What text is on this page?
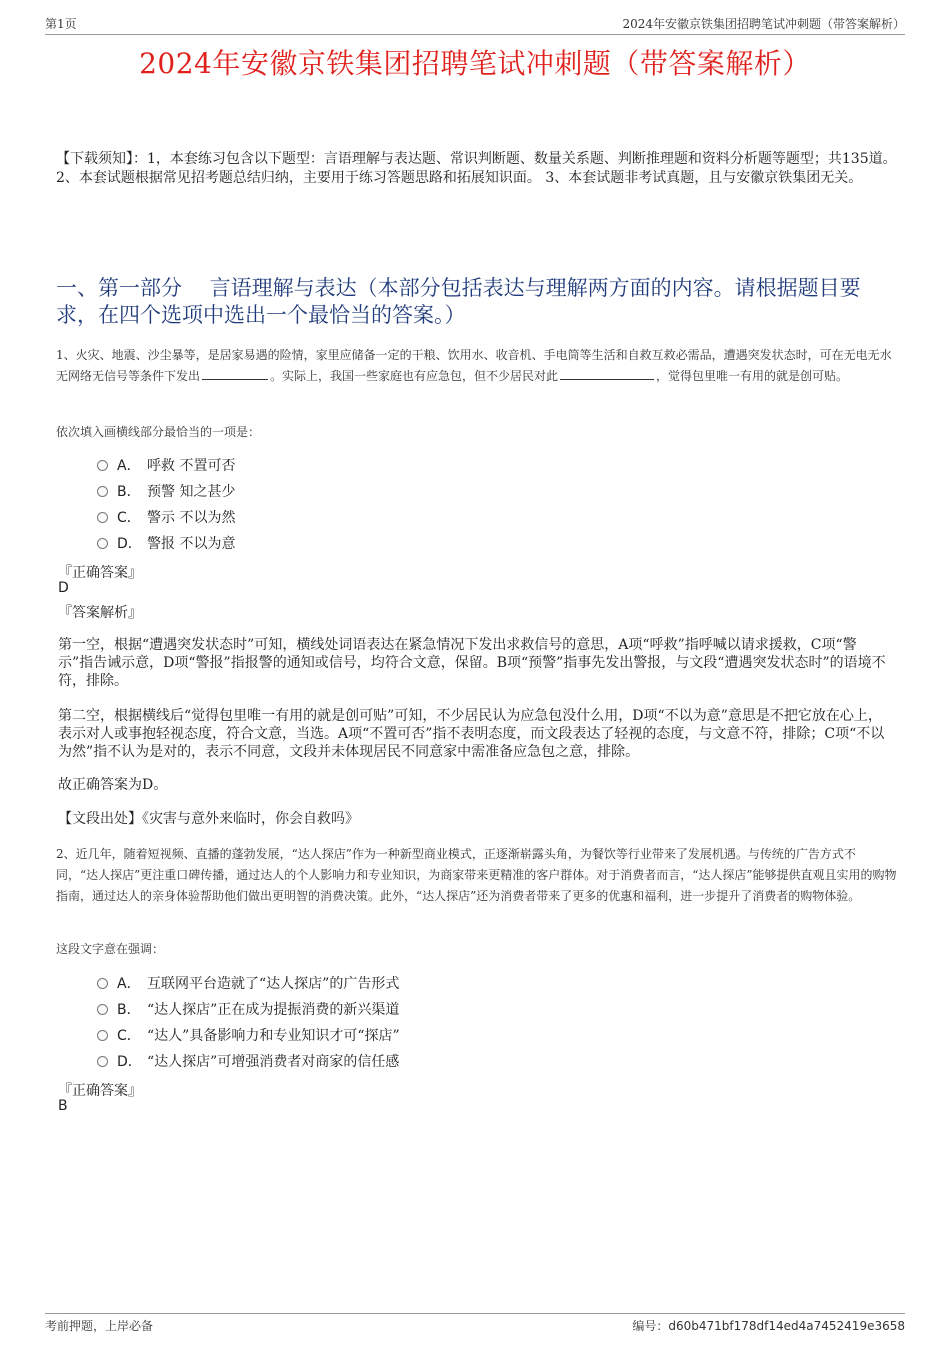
第1页	2024年安徽京铁集团招聘笔试冲刺题（带答案解析）
2024年安徽京铁集团招聘笔试冲刺题（带答案解析）
【下载须知】：1，本套练习包含以下题型：言语理解与表达题、常识判断题、数量关系题、判断推理题和资料分析题等题型；共135道。 2、本套试题根据常见招考题总结归纳，主要用于练习答题思路和拓展知识面。 3、本套试题非考试真题，且与安徽京铁集团无关。
一、第一部分　 言语理解与表达（本部分包括表达与理解两方面的内容。请根据题目要求，在四个选项中选出一个最恰当的答案。）
1、火灾、地震、沙尘暴等，是居家易遇的险情，家里应储备一定的干粮、饮用水、收音机、手电筒等生活和自救互救必需品，遭遇突发状态时，可在无电无水无网络无信号等条件下发出	。实际上，我国一些家庭也有应急包，但不少居民对此	，觉得包里唯一有用的就是创可贴。
依次填入画横线部分最恰当的一项是：
A． 呼救 不置可否
B． 预警 知之甚少
C． 警示 不以为然
D． 警报 不以为意
『正确答案』
D
『答案解析』
第一空，根据“遭遇突发状态时”可知，横线处词语表达在紧急情况下发出求救信号的意思，A项“呼救”指呼喊以请求援救，C项“警示”指告诫示意，D项“警报”指报警的通知或信号，均符合文意，保留。B项“预警”指事先发出警报，与文段“遭遇突发状态时”的语境不符，排除。
第二空，根据横线后“觉得包里唯一有用的就是创可贴”可知，不少居民认为应急包没什么用，D项“不以为意”意思是不把它放在心上，表示对人或事抱轻视态度，符合文意，当选。A项“不置可否”指不表明态度，而文段表达了轻视的态度，与文意不符，排除；C项“不以为然”指不认为是对的，表示不同意，文段并未体现居民不同意家中需准备应急包之意，排除。
故正确答案为D。
【文段出处】《灾害与意外来临时，你会自救吗》
2、近几年，随着短视频、直播的蓬勃发展，“达人探店”作为一种新型商业模式，正逐渐崭露头角，为餐饮等行业带来了发展机遇。与传统的广告方式不同，“达人探店”更注重口碑传播，通过达人的个人影响力和专业知识，为商家带来更精准的客户群体。对于消费者而言，“达人探店”能够提供直观且实用的购物指南，通过达人的亲身体验帮助他们做出更明智的消费决策。此外，“达人探店”还为消费者带来了更多的优惠和福利，进一步提升了消费者的购物体验。
这段文字意在强调：
A． 互联网平台造就了“达人探店”的广告形式
B． “达人探店”正在成为提振消费的新兴渠道
C． “达人”具备影响力和专业知识才可“探店”
D． “达人探店”可增强消费者对商家的信任感
『正确答案』
B
考前押题，上岸必备	编号：d60b471bf178df14ed4a7452419e3658
